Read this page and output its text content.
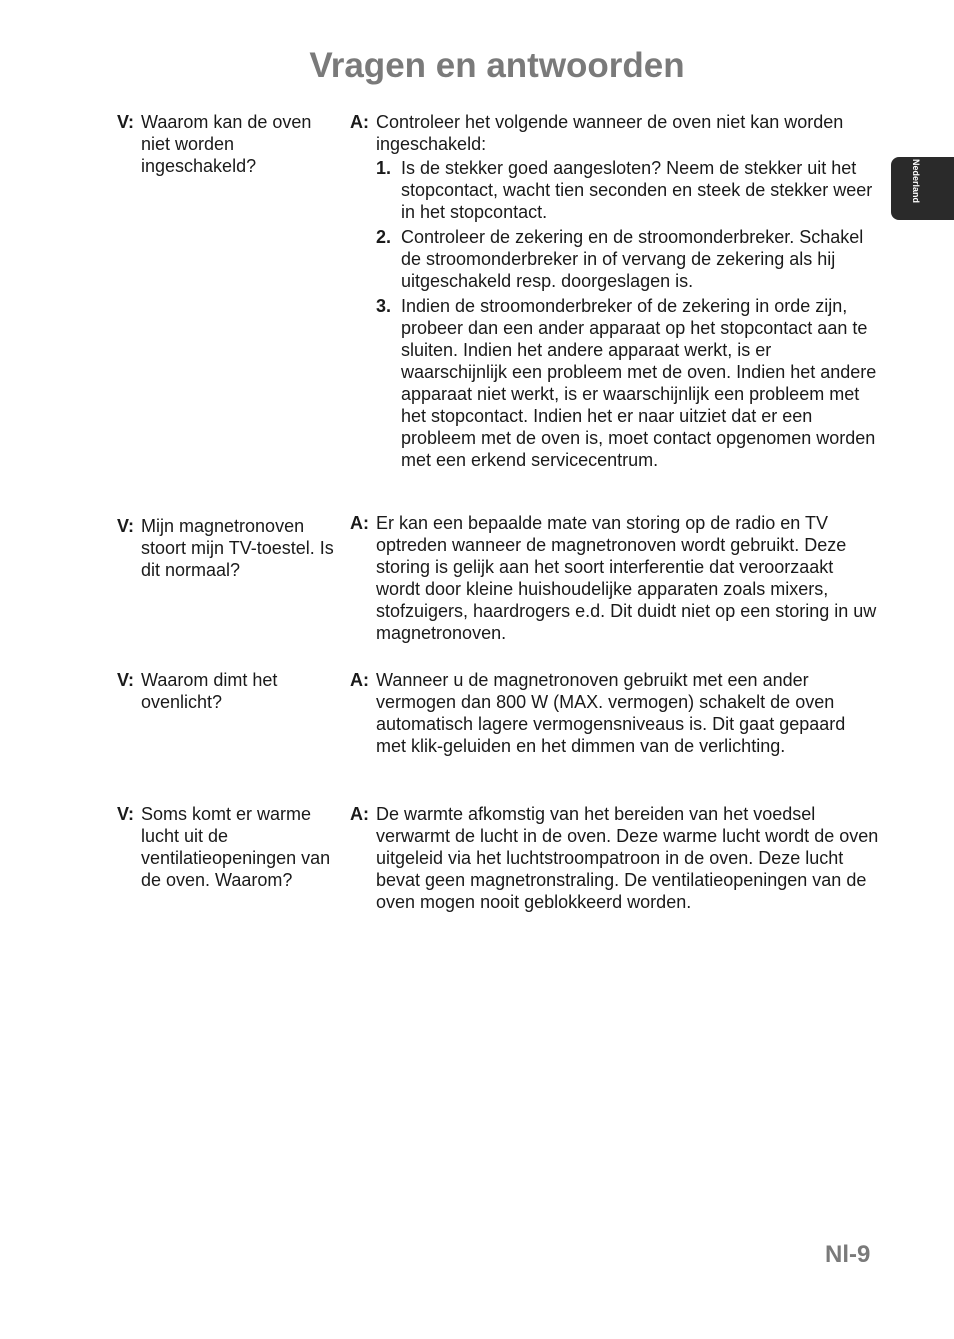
Vragen en antwoorden
Nederland
V: Waarom kan de oven niet worden ingeschakeld?
A: Controleer het volgende wanneer de oven niet kan worden ingeschakeld:
1. Is de stekker goed aangesloten? Neem de stekker uit het stopcontact, wacht tien seconden en steek de stekker weer in het stopcontact.
2. Controleer de zekering en de stroomonderbreker. Schakel de stroomonderbreker in of vervang de zekering als hij uitgeschakeld resp. doorgeslagen is.
3. Indien de stroomonderbreker of de zekering in orde zijn, probeer dan een ander apparaat op het stopcontact aan te sluiten. Indien het andere apparaat werkt, is er waarschijnlijk een probleem met de oven. Indien het andere apparaat niet werkt, is er waarschijnlijk een probleem met het stopcontact. Indien het er naar uitziet dat er een probleem met de oven is, moet contact opgenomen worden met een erkend servicecentrum.
V: Mijn magnetronoven stoort mijn TV-toestel. Is dit normaal?
A: Er kan een bepaalde mate van storing op de radio en TV optreden wanneer de magnetronoven wordt gebruikt. Deze storing is gelijk aan het soort interferentie dat veroorzaakt wordt door kleine huishoudelijke apparaten zoals mixers, stofzuigers, haardrogers e.d. Dit duidt niet op een storing in uw magnetronoven.
V: Waarom dimt het ovenlicht?
A: Wanneer u de magnetronoven gebruikt met een ander vermogen dan 800 W (MAX. vermogen) schakelt de oven automatisch lagere vermogensniveaus is. Dit gaat gepaard met klik-geluiden en het dimmen van de verlichting.
V: Soms komt er warme lucht uit de ventilatieopeningen van de oven. Waarom?
A: De warmte afkomstig van het bereiden van het voedsel verwarmt de lucht in de oven. Deze warme lucht wordt de oven uitgeleid via het luchtstroompatroon in de oven. Deze lucht bevat geen magnetronstraling. De ventilatieopeningen van de oven mogen nooit geblokkeerd worden.
Nl-9
